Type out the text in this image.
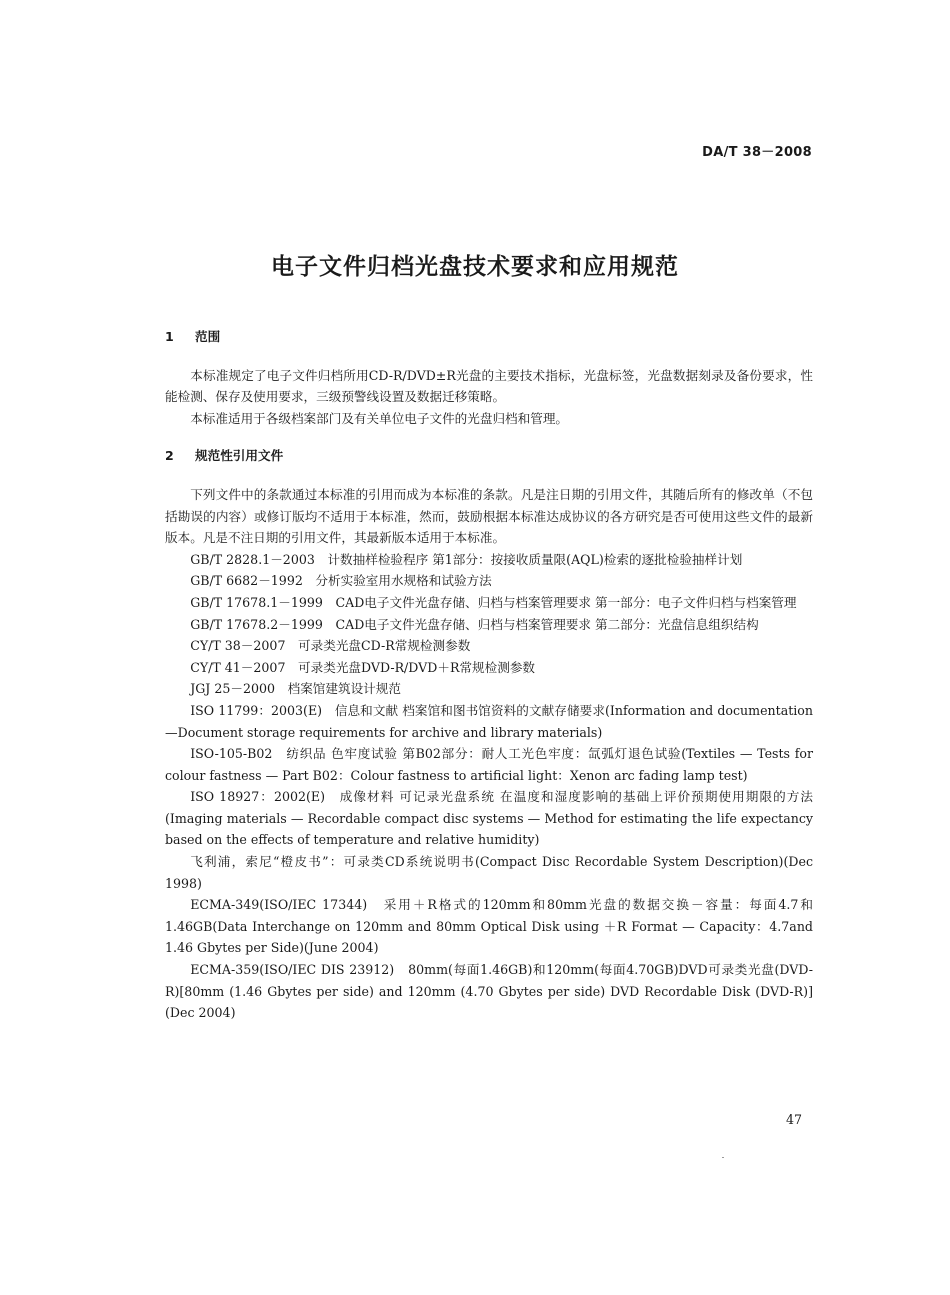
DA/T 38－2008
电子文件归档光盘技术要求和应用规范
1 范围

本标准规定了电子文件归档所用CD-R/DVD±R光盘的主要技术指标，光盘标签，光盘数据刻录及备份要求，性能检测、保存及使用要求，三级预警线设置及数据迁移策略。

本标准适用于各级档案部门及有关单位电子文件的光盘归档和管理。

2 规范性引用文件

下列文件中的条款通过本标准的引用而成为本标准的条款。凡是注日期的引用文件，其随后所有的修改单（不包括勘误的内容）或修订版均不适用于本标准，然而，鼓励根据本标准达成协议的各方研究是否可使用这些文件的最新版本。凡是不注日期的引用文件，其最新版本适用于本标准。

GB/T 2828.1－2003　计数抽样检验程序 第1部分：按接收质量限(AQL)检索的逐批检验抽样计划

GB/T 6682－1992　分析实验室用水规格和试验方法

GB/T 17678.1－1999　CAD电子文件光盘存储、归档与档案管理要求 第一部分：电子文件归档与档案管理

GB/T 17678.2－1999　CAD电子文件光盘存储、归档与档案管理要求 第二部分：光盘信息组织结构

CY/T 38－2007　可录类光盘CD-R常规检测参数

CY/T 41－2007　可录类光盘DVD-R/DVD＋R常规检测参数

JGJ 25－2000　档案馆建筑设计规范

ISO 11799：2003(E)　信息和文献 档案馆和图书馆资料的文献存储要求(Information and documentation —Document storage requirements for archive and library materials)

ISO-105-B02　纺织品 色牢度试验 第B02部分：耐人工光色牢度：氙弧灯退色试验(Textiles — Tests for colour fastness — Part B02：Colour fastness to artificial light：Xenon arc fading lamp test)

ISO 18927：2002(E)　成像材料 可记录光盘系统 在温度和湿度影响的基础上评价预期使用期限的方法(Imaging materials — Recordable compact disc systems — Method for estimating the life expectancy based on the effects of temperature and relative humidity)

飞利浦，索尼“橙皮书”：可录类CD系统说明书(Compact Disc Recordable System Description)(Dec 1998)

ECMA-349(ISO/IEC 17344)　采用＋R格式的120mm和80mm光盘的数据交换－容量：每面4.7和1.46GB(Data Interchange on 120mm and 80mm Optical Disk using ＋R Format — Capacity：4.7and 1.46 Gbytes per Side)(June 2004)

ECMA-359(ISO/IEC DIS 23912)　80mm(每面1.46GB)和120mm(每面4.70GB)DVD可录类光盘(DVD-R)[80mm (1.46 Gbytes per side) and 120mm (4.70 Gbytes per side) DVD Recordable Disk (DVD-R)](Dec 2004)

47
